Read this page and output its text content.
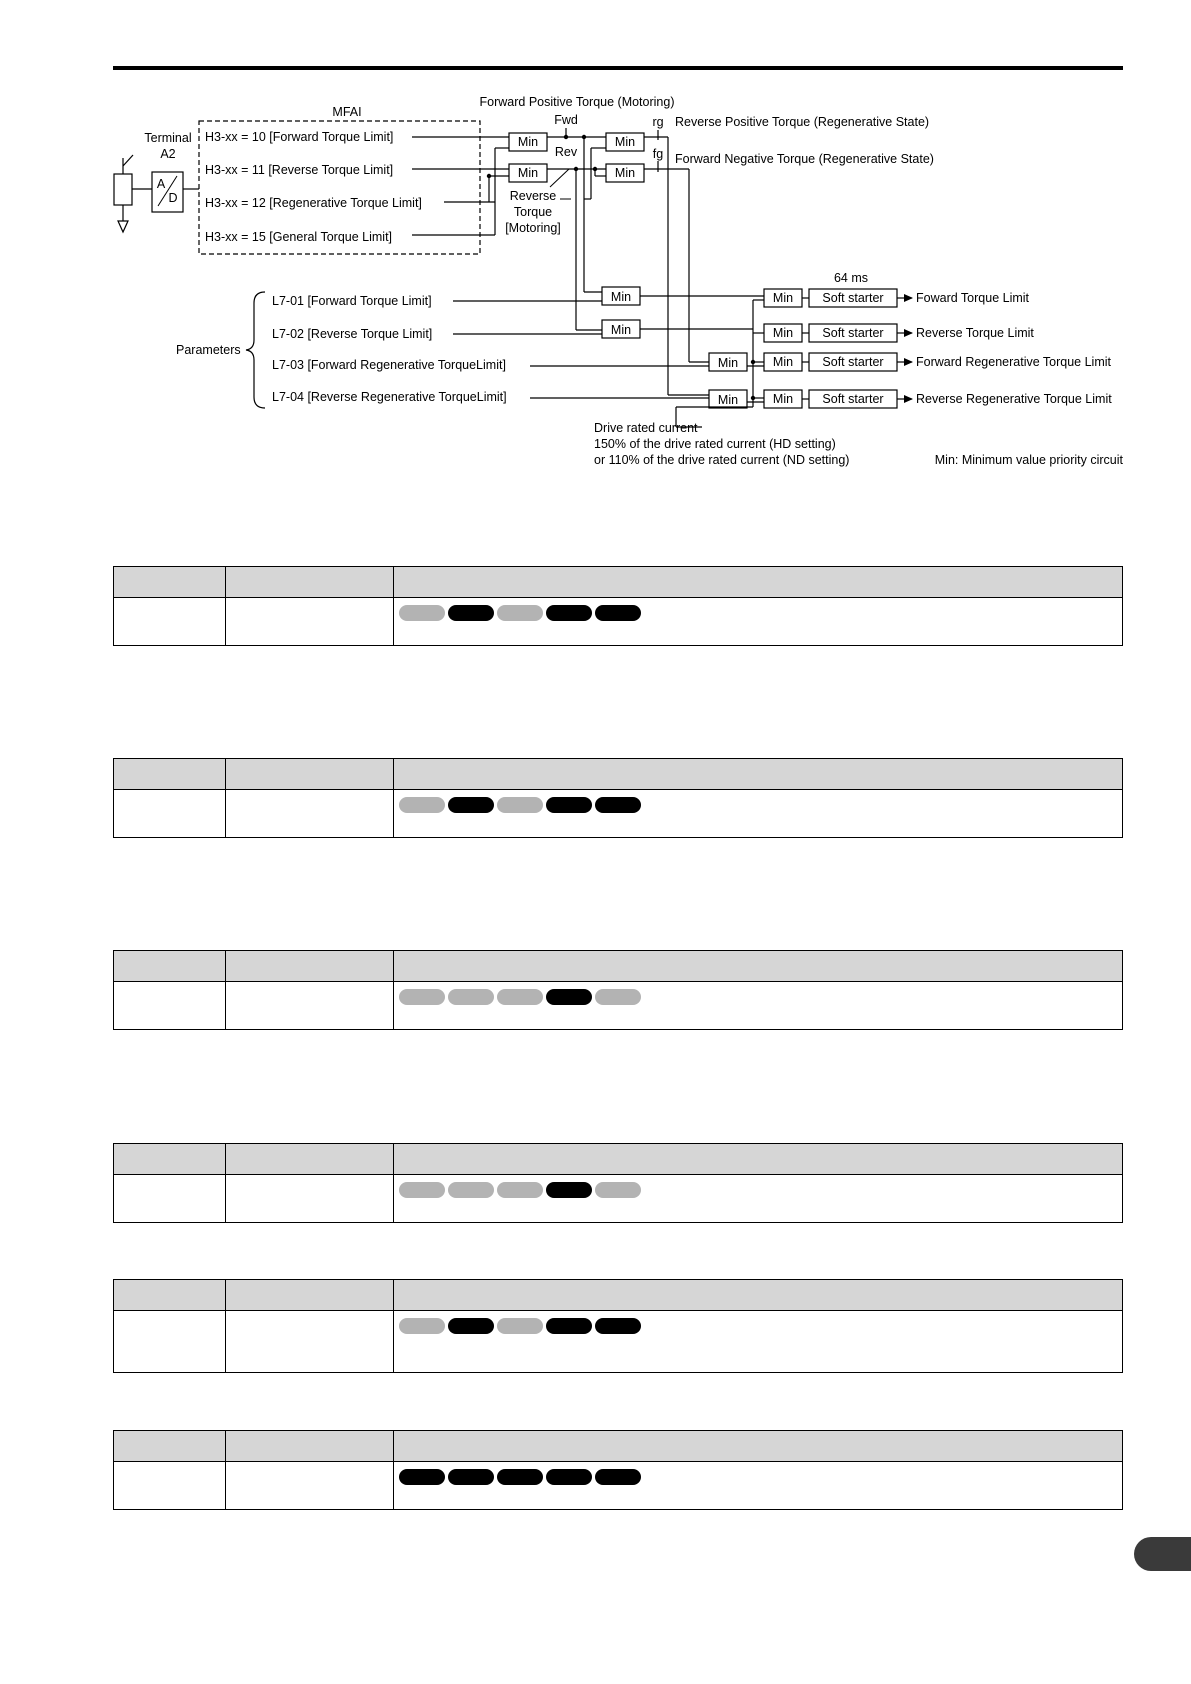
MFAI
Terminal
A2
A
D
H3-xx = 10 [Forward Torque Limit]
H3-xx = 11 [Reverse Torque Limit]
H3-xx = 12 [Regenerative Torque Limit]
H3-xx = 15 [General Torque Limit]
Min
Min
Forward Positive Torque (Motoring)
Fwd
Rev
Reverse
Torque
[Motoring]
Min
Min
rg
fg
Reverse Positive Torque (Regenerative State)
Forward Negative Torque (Regenerative State)
Min
Min
Parameters
L7-01 [Forward Torque Limit]
L7-02 [Reverse Torque Limit]
L7-03 [Forward Regenerative TorqueLimit]
L7-04 [Reverse Regenerative TorqueLimit]
Min
Min
Drive rated current
150% of the drive rated current (HD setting)
or 110% of the drive rated current (ND setting)
64 ms
Min
Min
Min
Min
Soft starter
Soft starter
Soft starter
Soft starter
Foward Torque Limit
Reverse Torque Limit
Forward Regenerative Torque Limit
Reverse Regenerative Torque Limit
Min: Minimum value priority circuit
